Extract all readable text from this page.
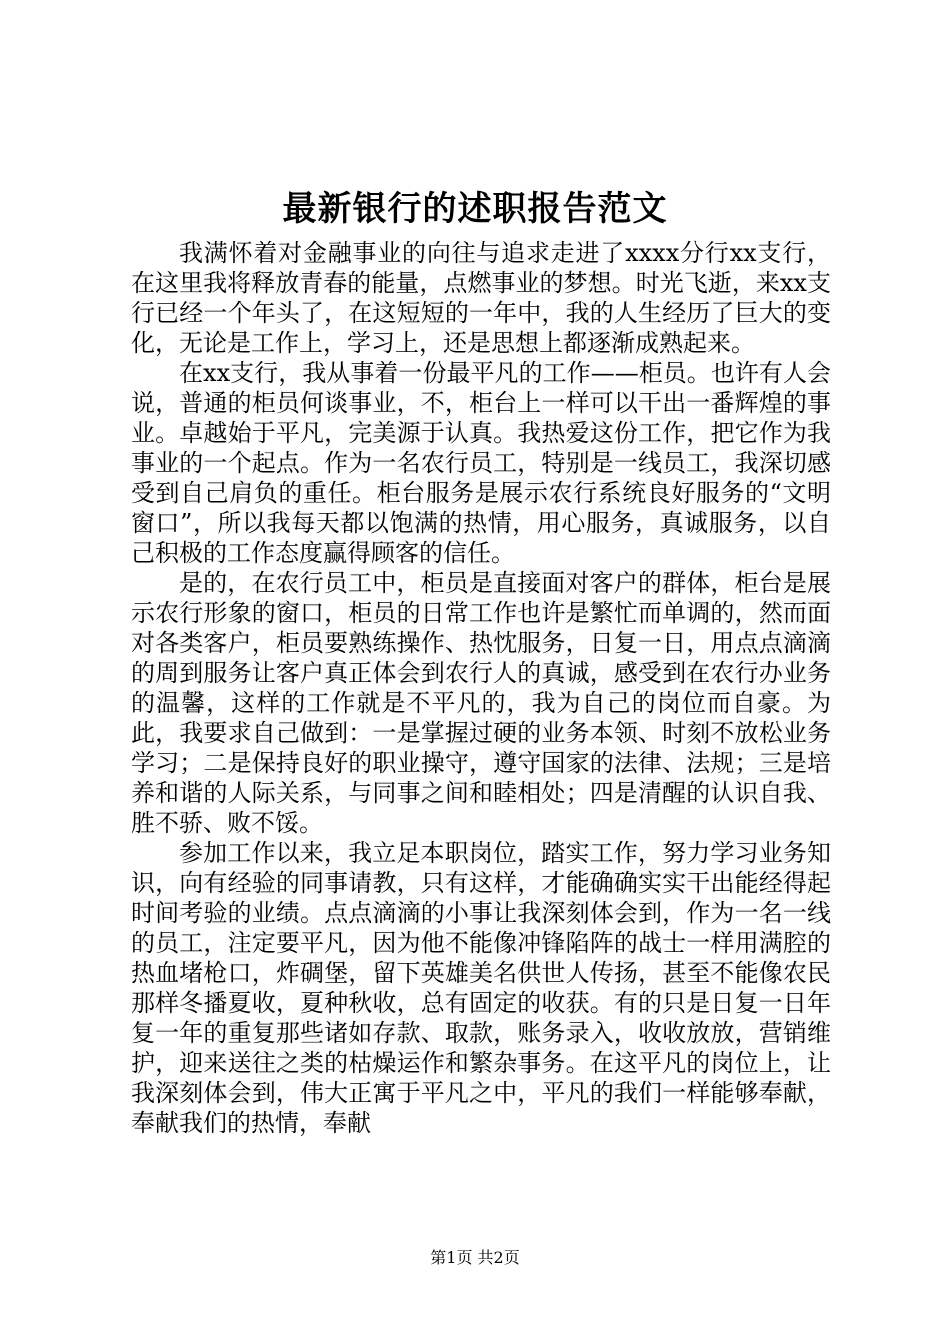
最新银行的述职报告范文

我满怀着对金融事业的向往与追求走进了xxxx分行xx支行，在这里我将释放青春的能量，点燃事业的梦想。时光飞逝，来xx支行已经一个年头了，在这短短的一年中，我的人生经历了巨大的变化，无论是工作上，学习上，还是思想上都逐渐成熟起来。

在xx支行，我从事着一份最平凡的工作——柜员。也许有人会说，普通的柜员何谈事业，不，柜台上一样可以干出一番辉煌的事业。卓越始于平凡，完美源于认真。我热爱这份工作，把它作为我事业的一个起点。作为一名农行员工，特别是一线员工，我深切感受到自己肩负的重任。柜台服务是展示农行系统良好服务的“文明窗口”，所以我每天都以饱满的热情，用心服务，真诚服务，以自己积极的工作态度赢得顾客的信任。

是的，在农行员工中，柜员是直接面对客户的群体，柜台是展示农行形象的窗口，柜员的日常工作也许是繁忙而单调的，然而面对各类客户，柜员要熟练操作、热忱服务，日复一日，用点点滴滴的周到服务让客户真正体会到农行人的真诚，感受到在农行办业务的温馨，这样的工作就是不平凡的，我为自己的岗位而自豪。为此，我要求自己做到：一是掌握过硬的业务本领、时刻不放松业务学习；二是保持良好的职业操守，遵守国家的法律、法规；三是培养和谐的人际关系，与同事之间和睦相处；四是清醒的认识自我、胜不骄、败不馁。

参加工作以来，我立足本职岗位，踏实工作，努力学习业务知识，向有经验的同事请教，只有这样，才能确确实实干出能经得起时间考验的业绩。点点滴滴的小事让我深刻体会到，作为一名一线的员工，注定要平凡，因为他不能像冲锋陷阵的战士一样用满腔的热血堵枪口，炸碉堡，留下英雄美名供世人传扬，甚至不能像农民那样冬播夏收，夏种秋收，总有固定的收获。有的只是日复一日年复一年的重复那些诸如存款、取款，账务录入，收收放放，营销维护，迎来送往之类的枯燥运作和繁杂事务。在这平凡的岗位上，让我深刻体会到，伟大正寓于平凡之中，平凡的我们一样能够奉献，奉献我们的热情，奉献

第1页 共2页
